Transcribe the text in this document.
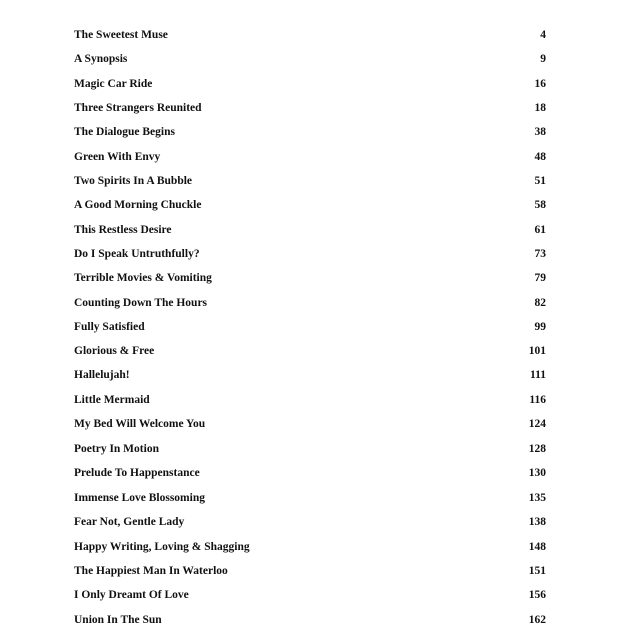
The Sweetest Muse	4
A Synopsis	9
Magic Car Ride	16
Three Strangers Reunited	18
The Dialogue Begins	38
Green With Envy	48
Two Spirits In A Bubble	51
A Good Morning Chuckle	58
This Restless Desire	61
Do I Speak Untruthfully?	73
Terrible Movies & Vomiting	79
Counting Down The Hours	82
Fully Satisfied	99
Glorious & Free	101
Hallelujah!	111
Little Mermaid	116
My Bed Will Welcome You	124
Poetry In Motion	128
Prelude To Happenstance	130
Immense Love Blossoming	135
Fear Not, Gentle Lady	138
Happy Writing, Loving & Shagging	148
The Happiest Man In Waterloo	151
I Only Dreamt Of Love	156
Union In The Sun	162
